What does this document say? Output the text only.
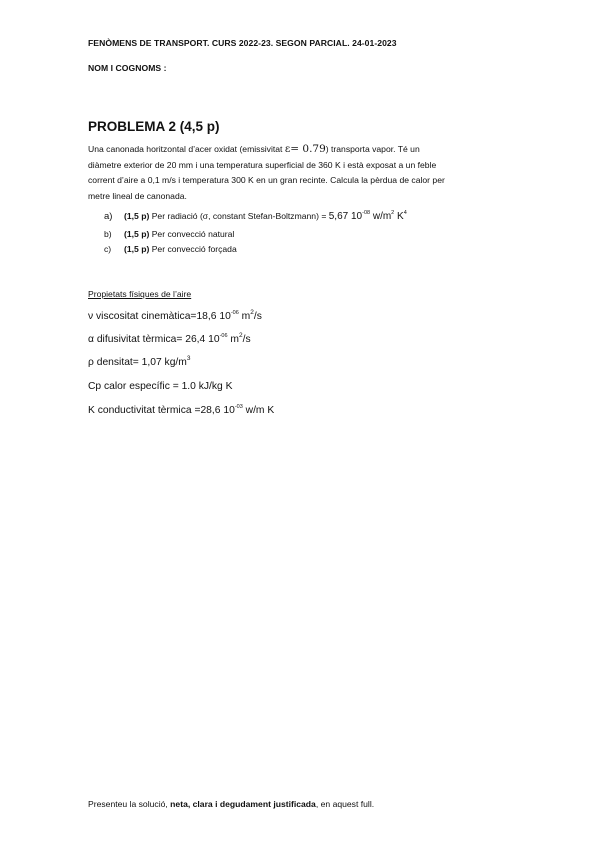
FENÒMENS DE TRANSPORT. CURS 2022-23. SEGON PARCIAL. 24-01-2023
NOM I COGNOMS :
PROBLEMA 2 (4,5 p)
Una canonada horitzontal d’acer oxidat (emissivitat ε= 0.79) transporta vapor. Té un
diàmetre exterior de 20 mm i una temperatura superficial de 360 K i està exposat a un feble
corrent d’aire a 0,1 m/s i temperatura 300 K en un gran recinte. Calcula la pèrdua de calor per
metre lineal de canonada.
a) (1,5 p) Per radiació (σ, constant Stefan-Boltzmann) = 5,67 $10^{-08}$ $w/m^2$ $K^4$
b) (1,5 p) Per convecció natural
c) (1,5 p) Per convecció forçada
Propietats físiques de l’aire
ν viscositat cinemàtica=18,6 $10^{-06}$ $m^2/s$
α difusivitat tèrmica= 26,4 $10^{-06}$ $m^2/s$
ρ densitat= 1,07 $kg/m^3$
Cp calor específic = 1.0 kJ/kg K
K conductivitat tèrmica =28,6 $10^{-03}$ w/m K
Presenteu la solució, neta, clara i degudament justificada, en aquest full.
